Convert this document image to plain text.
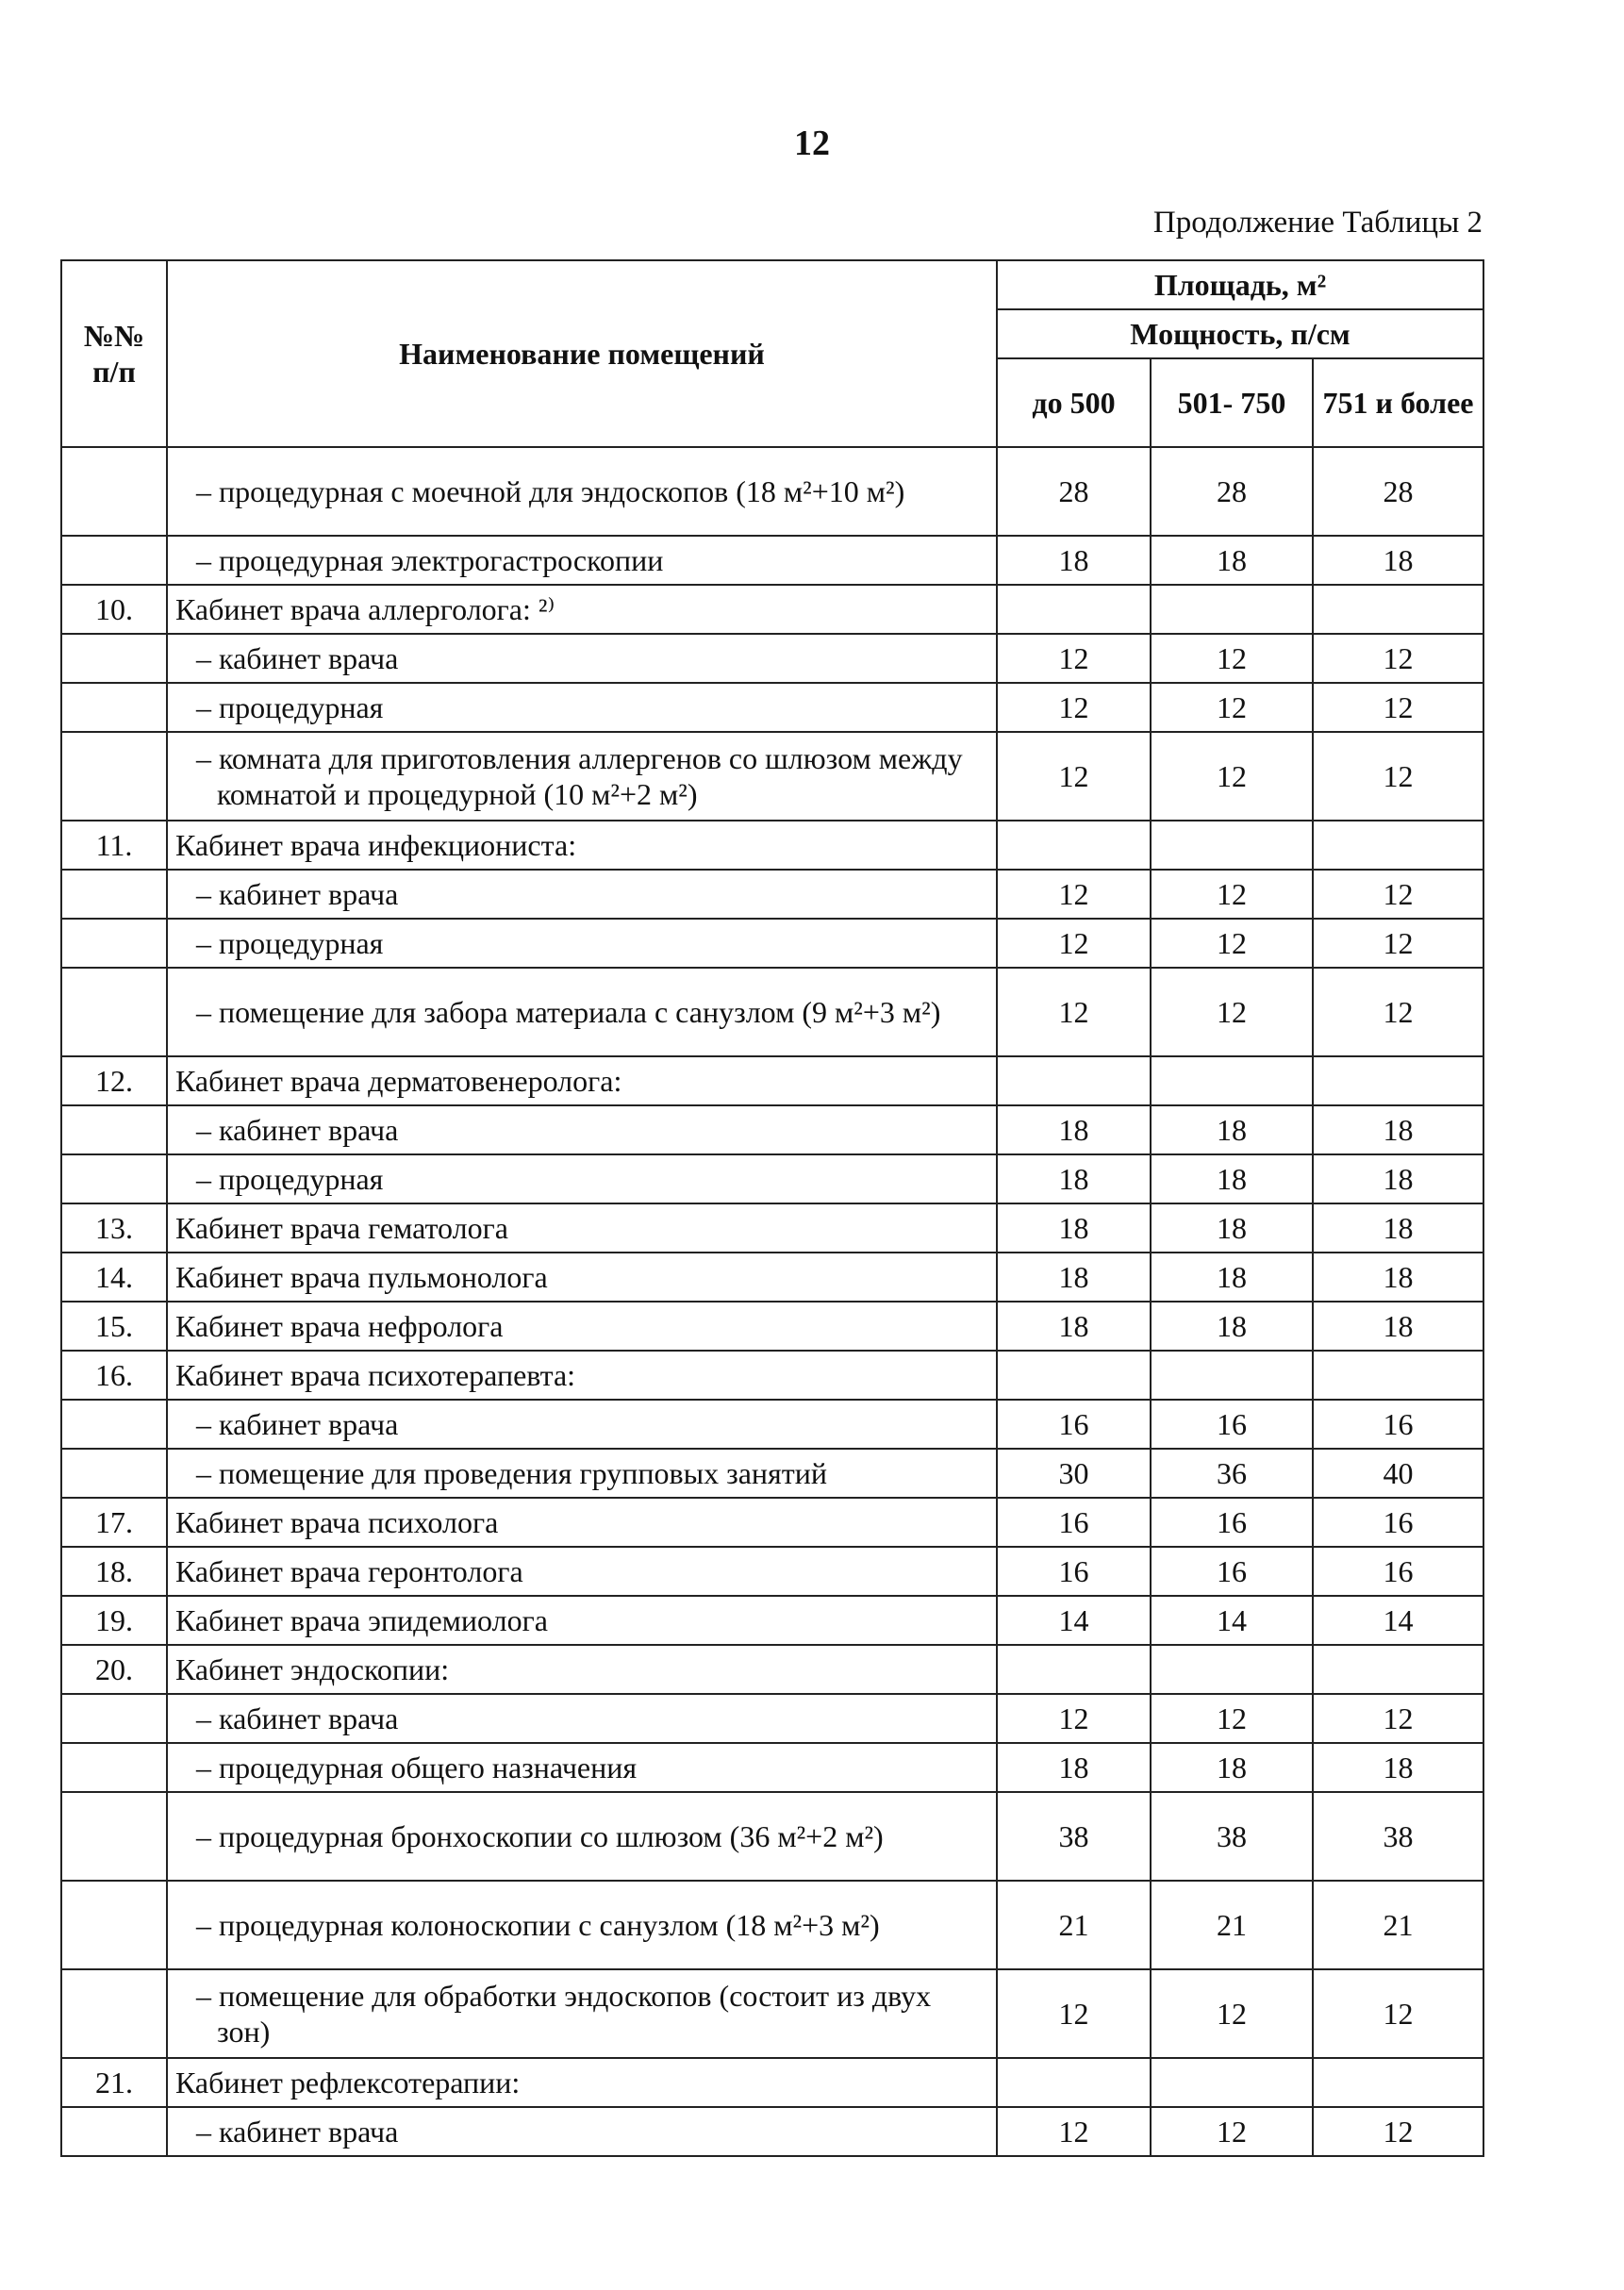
12
Продолжение Таблицы 2
№№ п/п	Наименование помещений	Площадь, м²		
		Мощность, п/см		
		до 500	501- 750	751 и более
	– процедурная с моечной для эндоскопов (18 м²+10 м²)	28	28	28
	– процедурная электрогастроскопии	18	18	18
10.	Кабинет врача аллерголога: ²⁾			
	– кабинет врача	12	12	12
	– процедурная	12	12	12
	– комната для приготовления аллергенов со шлюзом между комнатой и процедурной (10 м²+2 м²)	12	12	12
11.	Кабинет врача инфекциониста:			
	– кабинет врача	12	12	12
	– процедурная	12	12	12
	– помещение для забора материала с санузлом (9 м²+3 м²)	12	12	12
12.	Кабинет врача дерматовенеролога:			
	– кабинет врача	18	18	18
	– процедурная	18	18	18
13.	Кабинет врача гематолога	18	18	18
14.	Кабинет врача пульмонолога	18	18	18
15.	Кабинет врача нефролога	18	18	18
16.	Кабинет врача психотерапевта:			
	– кабинет врача	16	16	16
	– помещение для проведения групповых занятий	30	36	40
17.	Кабинет врача психолога	16	16	16
18.	Кабинет врача геронтолога	16	16	16
19.	Кабинет врача эпидемиолога	14	14	14
20.	Кабинет эндоскопии:			
	– кабинет врача	12	12	12
	– процедурная общего назначения	18	18	18
	– процедурная бронхоскопии со шлюзом (36 м²+2 м²)	38	38	38
	– процедурная колоноскопии с санузлом (18 м²+3 м²)	21	21	21
	– помещение для обработки эндоскопов (состоит из двух зон)	12	12	12
21.	Кабинет рефлексотерапии:			
	– кабинет врача	12	12	12
